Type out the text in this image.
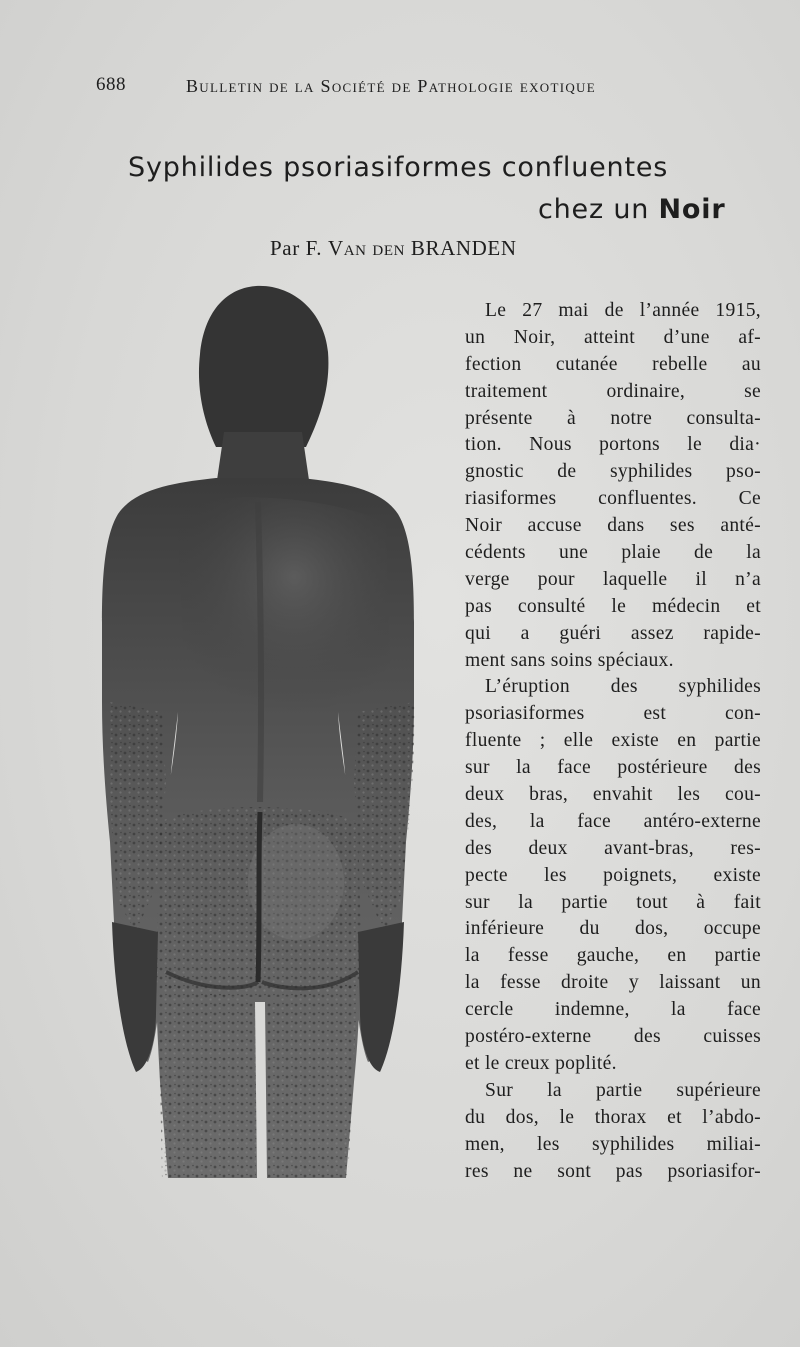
688	Bulletin de la Société de Pathologie exotique
Syphilides psoriasiformes confluentes
chez un Noir
Par F. Van den BRANDEN
Le 27 mai de l’année 1915,
un Noir, atteint d’une af-
fection cutanée rebelle au
traitement ordinaire, se
présente à notre consulta-
tion. Nous portons le dia·
gnostic de syphilides pso-
riasiformes confluentes. Ce
Noir accuse dans ses anté-
cédents une plaie de la
verge pour laquelle il n’a
pas consulté le médecin et
qui a guéri assez rapide-
ment sans soins spéciaux.
L’éruption des syphilides
psoriasiformes est con-
fluente ; elle existe en partie
sur la face postérieure des
deux bras, envahit les cou-
des, la face antéro-externe
des deux avant-bras, res-
pecte les poignets, existe
sur la partie tout à fait
inférieure du dos, occupe
la fesse gauche, en partie
la fesse droite y laissant un
cercle indemne, la face
postéro-externe des cuisses
et le creux poplité.
Sur la partie supérieure
du dos, le thorax et l’abdo-
men, les syphilides miliai-
res ne sont pas psoriasifor-
